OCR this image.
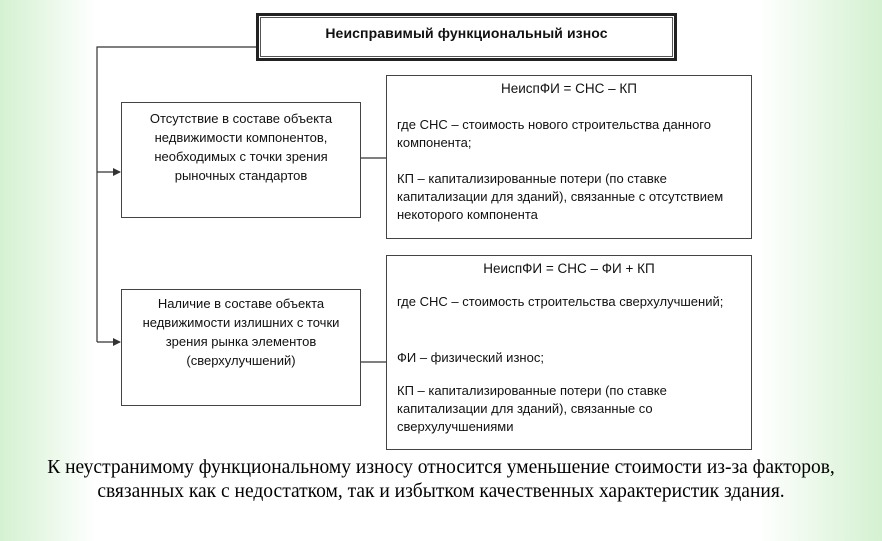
Неисправимый функциональный износ
Отсутствие в составе объекта недвижимости компонентов, необходимых с точки зрения рыночных стандартов
Наличие в составе объекта недвижимости излишних с точки зрения рынка элементов (сверхулучшений)
НеиспФИ = СНС – КП
где СНС – стоимость нового строительства данного компонента;
КП – капитализированные потери (по ставке капитализации для зданий), связанные с отсутствием некоторого компонента
НеиспФИ = СНС – ФИ + КП
где СНС – стоимость строительства сверхулучшений;
ФИ – физический износ;
КП – капитализированные потери (по ставке капитализации для зданий), связанные со сверхулучшениями
К неустранимому функциональному износу относится уменьшение стоимости из-за факторов, связанных как с недостатком, так и избытком качественных характеристик здания.
